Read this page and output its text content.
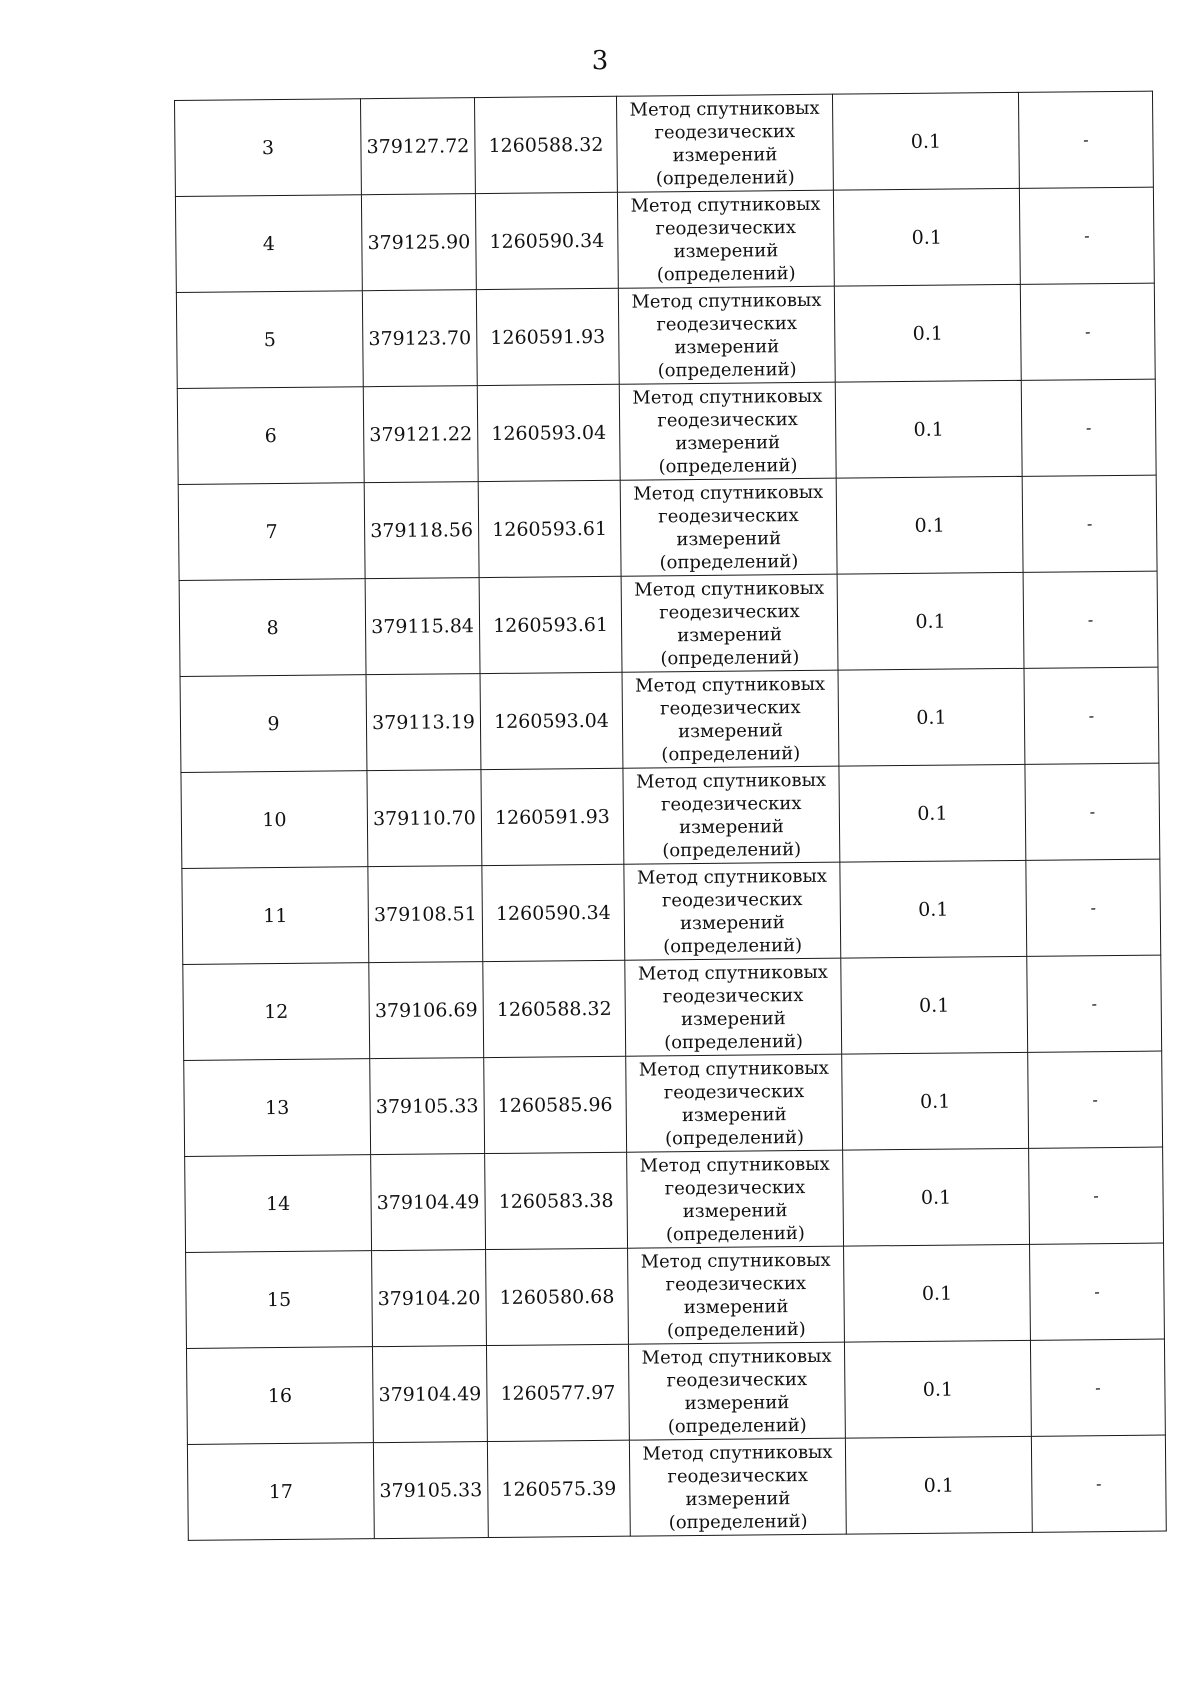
3
3	379127.72	1260588.32	Метод спутниковых
геодезических
измерений
(определений)	0.1	-
4	379125.90	1260590.34	Метод спутниковых
геодезических
измерений
(определений)	0.1	-
5	379123.70	1260591.93	Метод спутниковых
геодезических
измерений
(определений)	0.1	-
6	379121.22	1260593.04	Метод спутниковых
геодезических
измерений
(определений)	0.1	-
7	379118.56	1260593.61	Метод спутниковых
геодезических
измерений
(определений)	0.1	-
8	379115.84	1260593.61	Метод спутниковых
геодезических
измерений
(определений)	0.1	-
9	379113.19	1260593.04	Метод спутниковых
геодезических
измерений
(определений)	0.1	-
10	379110.70	1260591.93	Метод спутниковых
геодезических
измерений
(определений)	0.1	-
11	379108.51	1260590.34	Метод спутниковых
геодезических
измерений
(определений)	0.1	-
12	379106.69	1260588.32	Метод спутниковых
геодезических
измерений
(определений)	0.1	-
13	379105.33	1260585.96	Метод спутниковых
геодезических
измерений
(определений)	0.1	-
14	379104.49	1260583.38	Метод спутниковых
геодезических
измерений
(определений)	0.1	-
15	379104.20	1260580.68	Метод спутниковых
геодезических
измерений
(определений)	0.1	-
16	379104.49	1260577.97	Метод спутниковых
геодезических
измерений
(определений)	0.1	-
17	379105.33	1260575.39	Метод спутниковых
геодезических
измерений
(определений)	0.1	-
